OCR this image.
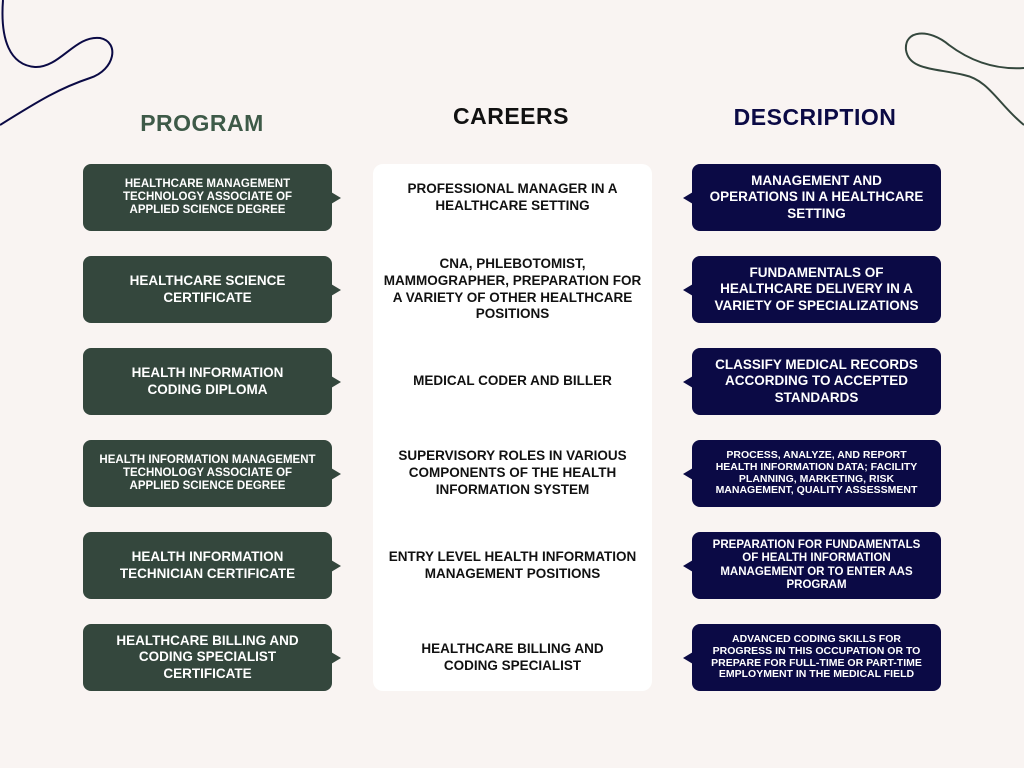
PROGRAM	CAREERS	DESCRIPTION
HEALTHCARE MANAGEMENT TECHNOLOGY ASSOCIATE OF APPLIED SCIENCE DEGREE
PROFESSIONAL MANAGER IN A HEALTHCARE SETTING
MANAGEMENT AND OPERATIONS IN A HEALTHCARE SETTING
HEALTHCARE SCIENCE CERTIFICATE
CNA, PHLEBOTOMIST, MAMMOGRAPHER, PREPARATION FOR A VARIETY OF OTHER HEALTHCARE POSITIONS
FUNDAMENTALS OF HEALTHCARE DELIVERY IN A VARIETY OF SPECIALIZATIONS
HEALTH INFORMATION CODING DIPLOMA
MEDICAL CODER AND BILLER
CLASSIFY MEDICAL RECORDS ACCORDING TO ACCEPTED STANDARDS
HEALTH INFORMATION MANAGEMENT TECHNOLOGY ASSOCIATE OF APPLIED SCIENCE DEGREE
SUPERVISORY ROLES IN VARIOUS COMPONENTS OF THE HEALTH INFORMATION SYSTEM
PROCESS, ANALYZE, AND REPORT HEALTH INFORMATION DATA; FACILITY PLANNING, MARKETING, RISK MANAGEMENT, QUALITY ASSESSMENT
HEALTH INFORMATION TECHNICIAN CERTIFICATE
ENTRY LEVEL HEALTH INFORMATION MANAGEMENT POSITIONS
PREPARATION FOR FUNDAMENTALS OF HEALTH INFORMATION MANAGEMENT OR TO ENTER AAS PROGRAM
HEALTHCARE BILLING AND CODING SPECIALIST CERTIFICATE
HEALTHCARE BILLING AND CODING SPECIALIST
ADVANCED CODING SKILLS FOR PROGRESS IN THIS OCCUPATION OR TO PREPARE FOR FULL-TIME OR PART-TIME EMPLOYMENT IN THE MEDICAL FIELD
